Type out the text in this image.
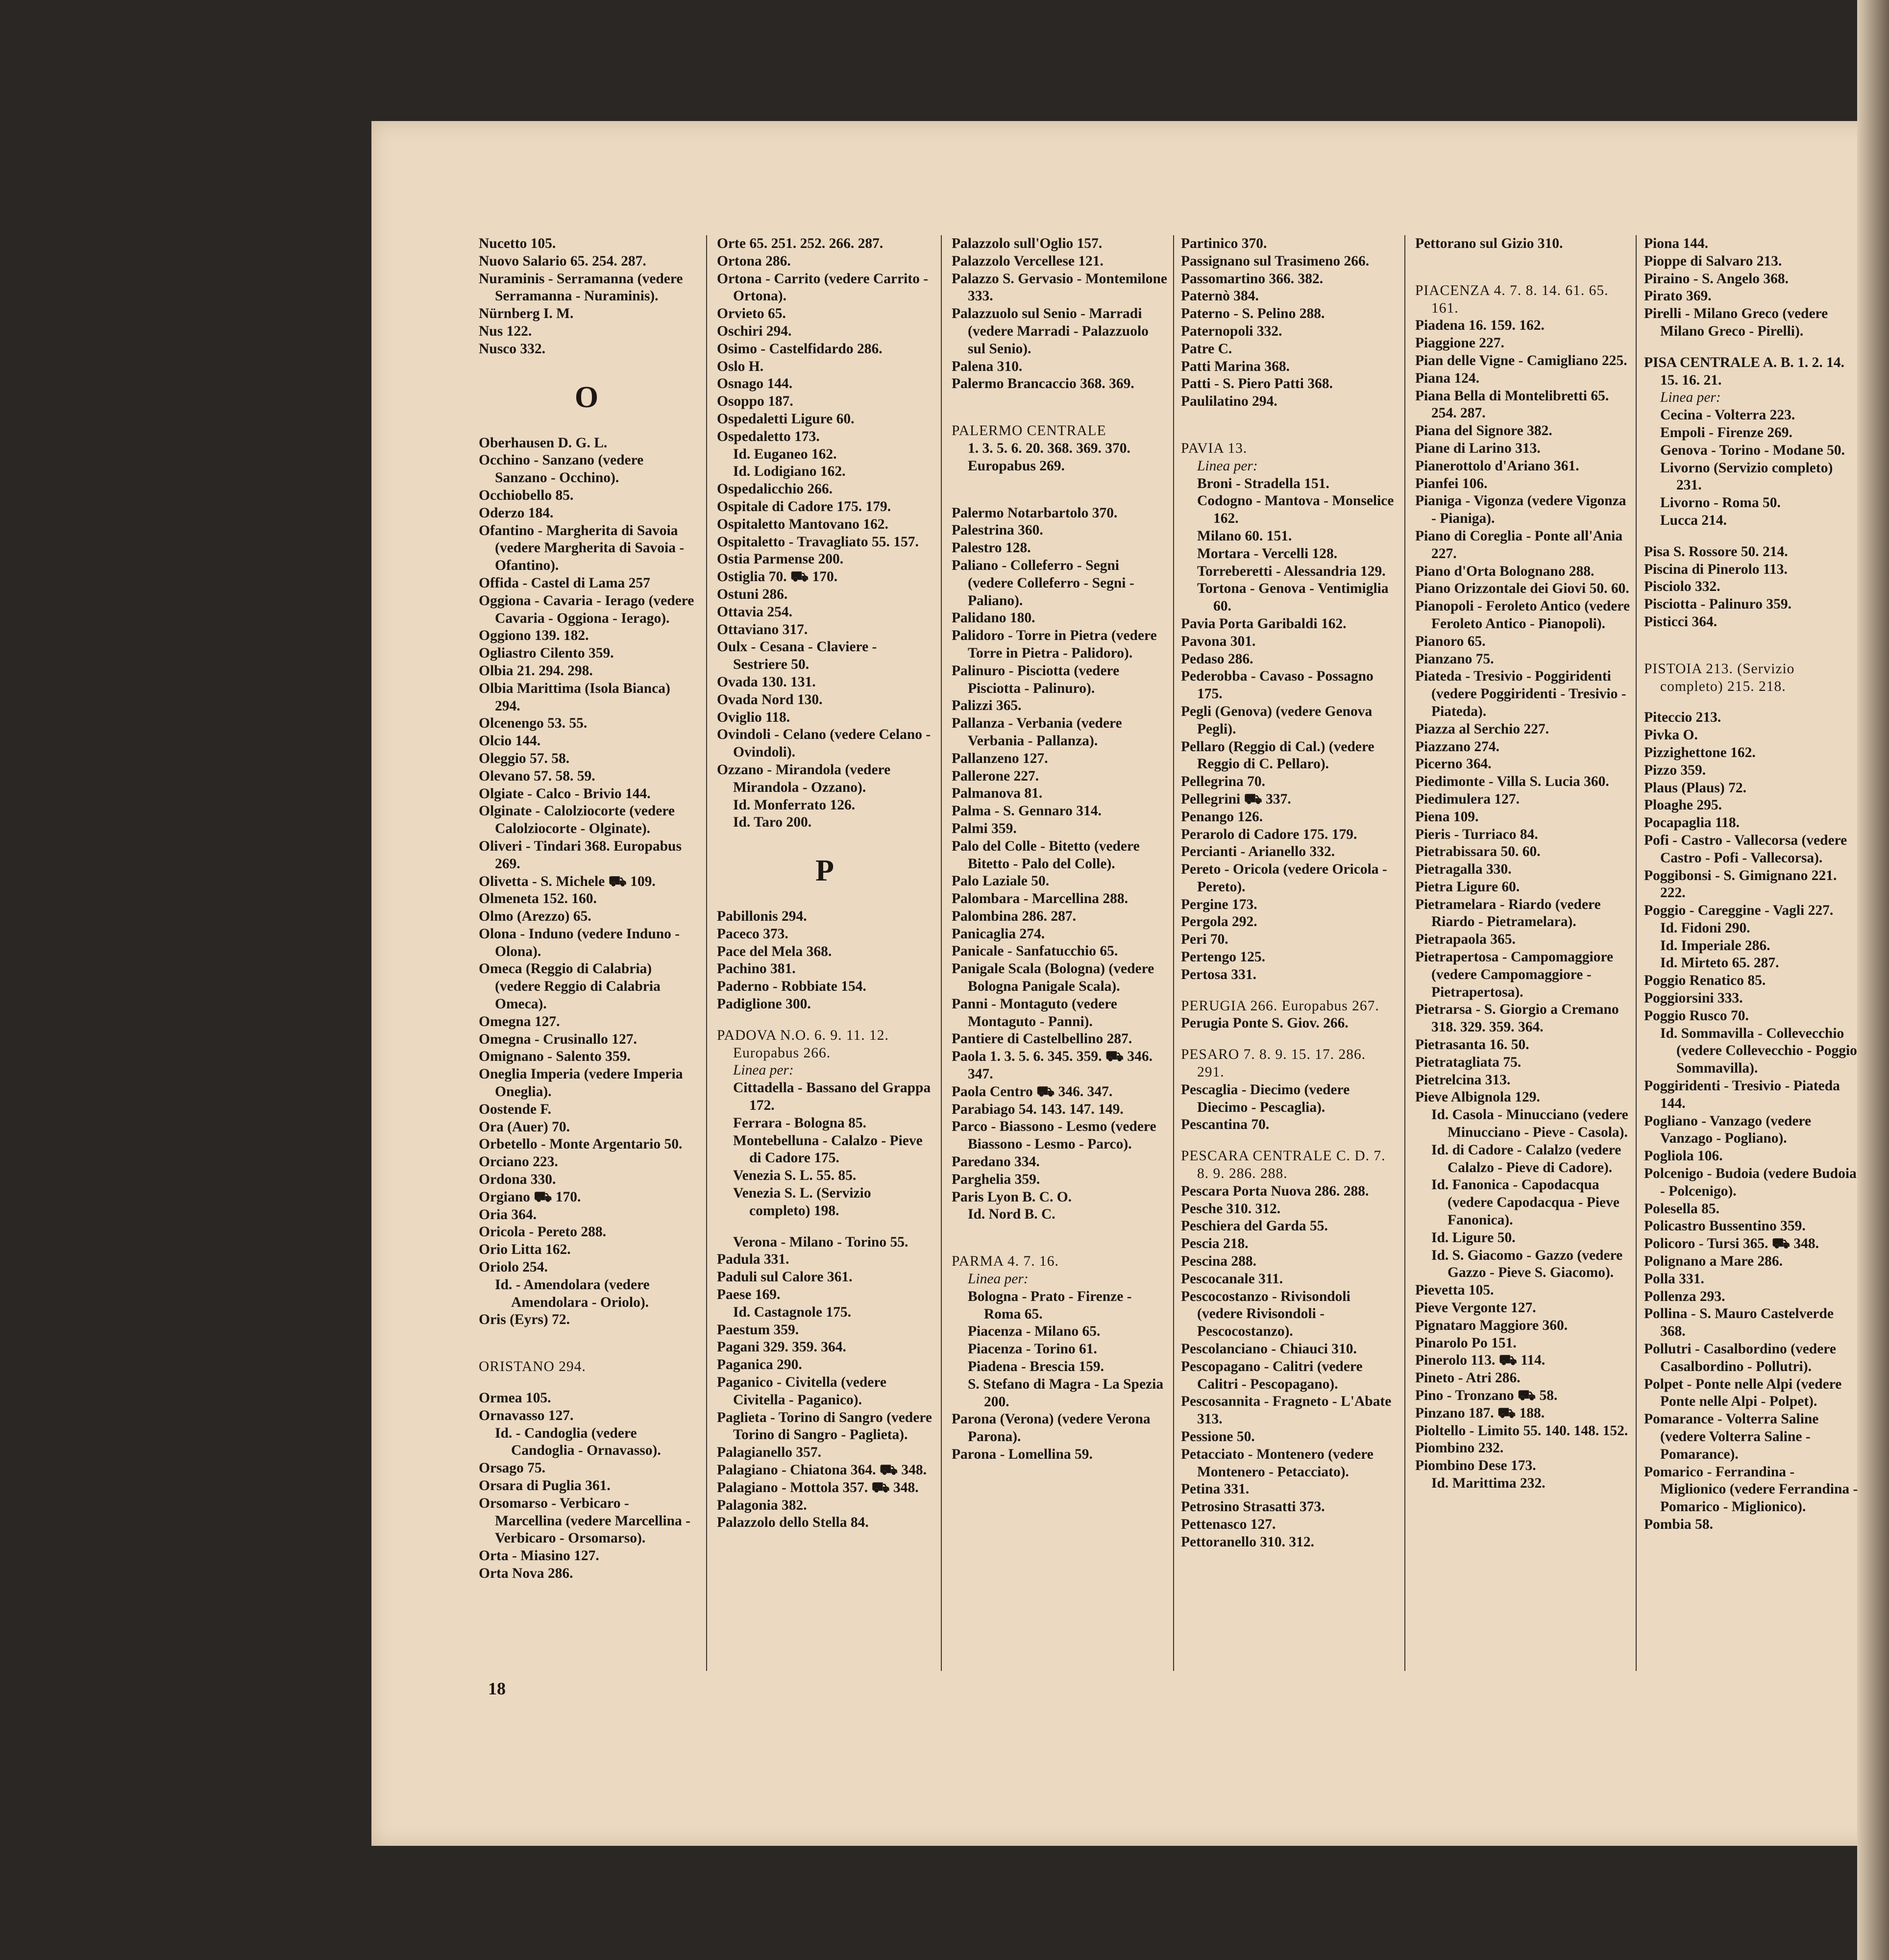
Nucetto 105.
Nuovo Salario 65. 254. 287.
Nuraminis - Serramanna (vedere Serramanna - Nuraminis).
Nürnberg I. M.
Nus 122.
Nusco 332.
O
Oberhausen D. G. L.
Occhino - Sanzano (vedere Sanzano - Occhino).
Occhiobello 85.
Oderzo 184.
Ofantino - Margherita di Savoia (vedere Margherita di Savoia - Ofantino).
Offida - Castel di Lama 257
Oggiona - Cavaria - Ierago (vedere Cavaria - Oggiona - Ierago).
Oggiono 139. 182.
Ogliastro Cilento 359.
Olbia 21. 294. 298.
Olbia Marittima (Isola Bianca) 294.
Olcenengo 53. 55.
Olcio 144.
Oleggio 57. 58.
Olevano 57. 58. 59.
Olgiate - Calco - Brivio 144.
Olginate - Calolziocorte (vedere Calolziocorte - Olginate).
Oliveri - Tindari 368. Europabus 269.
Olivetta - S. Michele ⛟ 109.
Olmeneta 152. 160.
Olmo (Arezzo) 65.
Olona - Induno (vedere Induno - Olona).
Omeca (Reggio di Calabria) (vedere Reggio di Calabria Omeca).
Omegna 127.
Omegna - Crusinallo 127.
Omignano - Salento 359.
Oneglia Imperia (vedere Imperia Oneglia).
Oostende F.
Ora (Auer) 70.
Orbetello - Monte Argentario 50.
Orciano 223.
Ordona 330.
Orgiano ⛟ 170.
Oria 364.
Oricola - Pereto 288.
Orio Litta 162.
Oriolo 254.
Id. - Amendolara (vedere Amendolara - Oriolo).
Oris (Eyrs) 72.
ORISTANO 294.
Ormea 105.
Ornavasso 127.
Id. - Candoglia (vedere Candoglia - Ornavasso).
Orsago 75.
Orsara di Puglia 361.
Orsomarso - Verbicaro - Marcellina (vedere Marcellina - Verbicaro - Orsomarso).
Orta - Miasino 127.
Orta Nova 286.
Orte 65. 251. 252. 266. 287.
Ortona 286.
Ortona - Carrito (vedere Carrito - Ortona).
Orvieto 65.
Oschiri 294.
Osimo - Castelfidardo 286.
Oslo H.
Osnago 144.
Osoppo 187.
Ospedaletti Ligure 60.
Ospedaletto 173.
Id. Euganeo 162.
Id. Lodigiano 162.
Ospedalicchio 266.
Ospitale di Cadore 175. 179.
Ospitaletto Mantovano 162.
Ospitaletto - Travagliato 55. 157.
Ostia Parmense 200.
Ostiglia 70. ⛟ 170.
Ostuni 286.
Ottavia 254.
Ottaviano 317.
Oulx - Cesana - Claviere - Sestriere 50.
Ovada 130. 131.
Ovada Nord 130.
Oviglio 118.
Ovindoli - Celano (vedere Celano - Ovindoli).
Ozzano - Mirandola (vedere Mirandola - Ozzano).
Id. Monferrato 126.
Id. Taro 200.
P
Pabillonis 294.
Paceco 373.
Pace del Mela 368.
Pachino 381.
Paderno - Robbiate 154.
Padiglione 300.
PADOVA N.O. 6. 9. 11. 12. Europabus 266.
Linea per:
Cittadella - Bassano del Grappa 172.
Ferrara - Bologna 85.
Montebelluna - Calalzo - Pieve di Cadore 175.
Venezia S. L. 55. 85.
Venezia S. L. (Servizio completo) 198.
Verona - Milano - Torino 55.
Padula 331.
Paduli sul Calore 361.
Paese 169.
Id. Castagnole 175.
Paestum 359.
Pagani 329. 359. 364.
Paganica 290.
Paganico - Civitella (vedere Civitella - Paganico).
Paglieta - Torino di Sangro (vedere Torino di Sangro - Paglieta).
Palagianello 357.
Palagiano - Chiatona 364. ⛟ 348.
Palagiano - Mottola 357. ⛟ 348.
Palagonia 382.
Palazzolo dello Stella 84.
Palazzolo sull'Oglio 157.
Palazzolo Vercellese 121.
Palazzo S. Gervasio - Montemilone 333.
Palazzuolo sul Senio - Marradi (vedere Marradi - Palazzuolo sul Senio).
Palena 310.
Palermo Brancaccio 368. 369.
PALERMO CENTRALE
1. 3. 5. 6. 20. 368. 369. 370. Europabus 269.
Palermo Notarbartolo 370.
Palestrina 360.
Palestro 128.
Paliano - Colleferro - Segni (vedere Colleferro - Segni - Paliano).
Palidano 180.
Palidoro - Torre in Pietra (vedere Torre in Pietra - Palidoro).
Palinuro - Pisciotta (vedere Pisciotta - Palinuro).
Palizzi 365.
Pallanza - Verbania (vedere Verbania - Pallanza).
Pallanzeno 127.
Pallerone 227.
Palmanova 81.
Palma - S. Gennaro 314.
Palmi 359.
Palo del Colle - Bitetto (vedere Bitetto - Palo del Colle).
Palo Laziale 50.
Palombara - Marcellina 288.
Palombina 286. 287.
Panicaglia 274.
Panicale - Sanfatucchio 65.
Panigale Scala (Bologna) (vedere Bologna Panigale Scala).
Panni - Montaguto (vedere Montaguto - Panni).
Pantiere di Castelbellino 287.
Paola 1. 3. 5. 6. 345. 359. ⛟ 346. 347.
Paola Centro ⛟ 346. 347.
Parabiago 54. 143. 147. 149.
Parco - Biassono - Lesmo (vedere Biassono - Lesmo - Parco).
Paredano 334.
Parghelia 359.
Paris Lyon B. C. O.
Id. Nord B. C.
PARMA 4. 7. 16.
Linea per:
Bologna - Prato - Firenze - Roma 65.
Piacenza - Milano 65.
Piacenza - Torino 61.
Piadena - Brescia 159.
S. Stefano di Magra - La Spezia 200.
Parona (Verona) (vedere Verona Parona).
Parona - Lomellina 59.
Partinico 370.
Passignano sul Trasimeno 266.
Passomartino 366. 382.
Paternò 384.
Paterno - S. Pelino 288.
Paternopoli 332.
Patre C.
Patti Marina 368.
Patti - S. Piero Patti 368.
Paulilatino 294.
PAVIA 13.
Linea per:
Broni - Stradella 151.
Codogno - Mantova - Monselice 162.
Milano 60. 151.
Mortara - Vercelli 128.
Torreberetti - Alessandria 129.
Tortona - Genova - Ventimiglia 60.
Pavia Porta Garibaldi 162.
Pavona 301.
Pedaso 286.
Pederobba - Cavaso - Possagno 175.
Pegli (Genova) (vedere Genova Pegli).
Pellaro (Reggio di Cal.) (vedere Reggio di C. Pellaro).
Pellegrina 70.
Pellegrini ⛟ 337.
Penango 126.
Perarolo di Cadore 175. 179.
Percianti - Arianello 332.
Pereto - Oricola (vedere Oricola - Pereto).
Pergine 173.
Pergola 292.
Peri 70.
Pertengo 125.
Pertosa 331.
PERUGIA 266. Europabus 267.
Perugia Ponte S. Giov. 266.
PESARO 7. 8. 9. 15. 17. 286. 291.
Pescaglia - Diecimo (vedere Diecimo - Pescaglia).
Pescantina 70.
PESCARA CENTRALE C. D. 7. 8. 9. 286. 288.
Pescara Porta Nuova 286. 288.
Pesche 310. 312.
Peschiera del Garda 55.
Pescia 218.
Pescina 288.
Pescocanale 311.
Pescocostanzo - Rivisondoli (vedere Rivisondoli - Pescocostanzo).
Pescolanciano - Chiauci 310.
Pescopagano - Calitri (vedere Calitri - Pescopagano).
Pescosannita - Fragneto - L'Abate 313.
Pessione 50.
Petacciato - Montenero (vedere Montenero - Petacciato).
Petina 331.
Petrosino Strasatti 373.
Pettenasco 127.
Pettoranello 310. 312.
Pettorano sul Gizio 310.
PIACENZA 4. 7. 8. 14. 61. 65. 161.
Piadena 16. 159. 162.
Piaggione 227.
Pian delle Vigne - Camigliano 225.
Piana 124.
Piana Bella di Montelibretti 65. 254. 287.
Piana del Signore 382.
Piane di Larino 313.
Pianerottolo d'Ariano 361.
Pianfei 106.
Pianiga - Vigonza (vedere Vigonza - Pianiga).
Piano di Coreglia - Ponte all'Ania 227.
Piano d'Orta Bolognano 288.
Piano Orizzontale dei Giovi 50. 60.
Pianopoli - Feroleto Antico (vedere Feroleto Antico - Pianopoli).
Pianoro 65.
Pianzano 75.
Piateda - Tresivio - Poggiridenti (vedere Poggiridenti - Tresivio - Piateda).
Piazza al Serchio 227.
Piazzano 274.
Picerno 364.
Piedimonte - Villa S. Lucia 360.
Piedimulera 127.
Piena 109.
Pieris - Turriaco 84.
Pietrabissara 50. 60.
Pietragalla 330.
Pietra Ligure 60.
Pietramelara - Riardo (vedere Riardo - Pietramelara).
Pietrapaola 365.
Pietrapertosa - Campomaggiore (vedere Campomaggiore - Pietrapertosa).
Pietrarsa - S. Giorgio a Cremano 318. 329. 359. 364.
Pietrasanta 16. 50.
Pietratagliata 75.
Pietrelcina 313.
Pieve Albignola 129.
Id. Casola - Minucciano (vedere Minucciano - Pieve - Casola).
Id. di Cadore - Calalzo (vedere Calalzo - Pieve di Cadore).
Id. Fanonica - Capodacqua (vedere Capodacqua - Pieve Fanonica).
Id. Ligure 50.
Id. S. Giacomo - Gazzo (vedere Gazzo - Pieve S. Giacomo).
Pievetta 105.
Pieve Vergonte 127.
Pignataro Maggiore 360.
Pinarolo Po 151.
Pinerolo 113. ⛟ 114.
Pineto - Atri 286.
Pino - Tronzano ⛟ 58.
Pinzano 187. ⛟ 188.
Pioltello - Limito 55. 140. 148. 152.
Piombino 232.
Piombino Dese 173.
Id. Marittima 232.
Piona 144.
Pioppe di Salvaro 213.
Piraino - S. Angelo 368.
Pirato 369.
Pirelli - Milano Greco (vedere Milano Greco - Pirelli).
PISA CENTRALE A. B. 1. 2. 14. 15. 16. 21.
Linea per:
Cecina - Volterra 223.
Empoli - Firenze 269.
Genova - Torino - Modane 50.
Livorno (Servizio completo) 231.
Livorno - Roma 50.
Lucca 214.
Pisa S. Rossore 50. 214.
Piscina di Pinerolo 113.
Pisciolo 332.
Pisciotta - Palinuro 359.
Pisticci 364.
PISTOIA 213. (Servizio completo) 215. 218.
Piteccio 213.
Pivka O.
Pizzighettone 162.
Pizzo 359.
Plaus (Plaus) 72.
Ploaghe 295.
Pocapaglia 118.
Pofi - Castro - Vallecorsa (vedere Castro - Pofi - Vallecorsa).
Poggibonsi - S. Gimignano 221. 222.
Poggio - Careggine - Vagli 227.
Id. Fidoni 290.
Id. Imperiale 286.
Id. Mirteto 65. 287.
Poggio Renatico 85.
Poggiorsini 333.
Poggio Rusco 70.
Id. Sommavilla - Collevecchio (vedere Collevecchio - Poggio Sommavilla).
Poggiridenti - Tresivio - Piateda 144.
Pogliano - Vanzago (vedere Vanzago - Pogliano).
Pogliola 106.
Polcenigo - Budoia (vedere Budoia - Polcenigo).
Polesella 85.
Policastro Bussentino 359.
Policoro - Tursi 365. ⛟ 348.
Polignano a Mare 286.
Polla 331.
Pollenza 293.
Pollina - S. Mauro Castelverde 368.
Pollutri - Casalbordino (vedere Casalbordino - Pollutri).
Polpet - Ponte nelle Alpi (vedere Ponte nelle Alpi - Polpet).
Pomarance - Volterra Saline (vedere Volterra Saline - Pomarance).
Pomarico - Ferrandina - Miglionico (vedere Ferrandina - Pomarico - Miglionico).
Pombia 58.
18
